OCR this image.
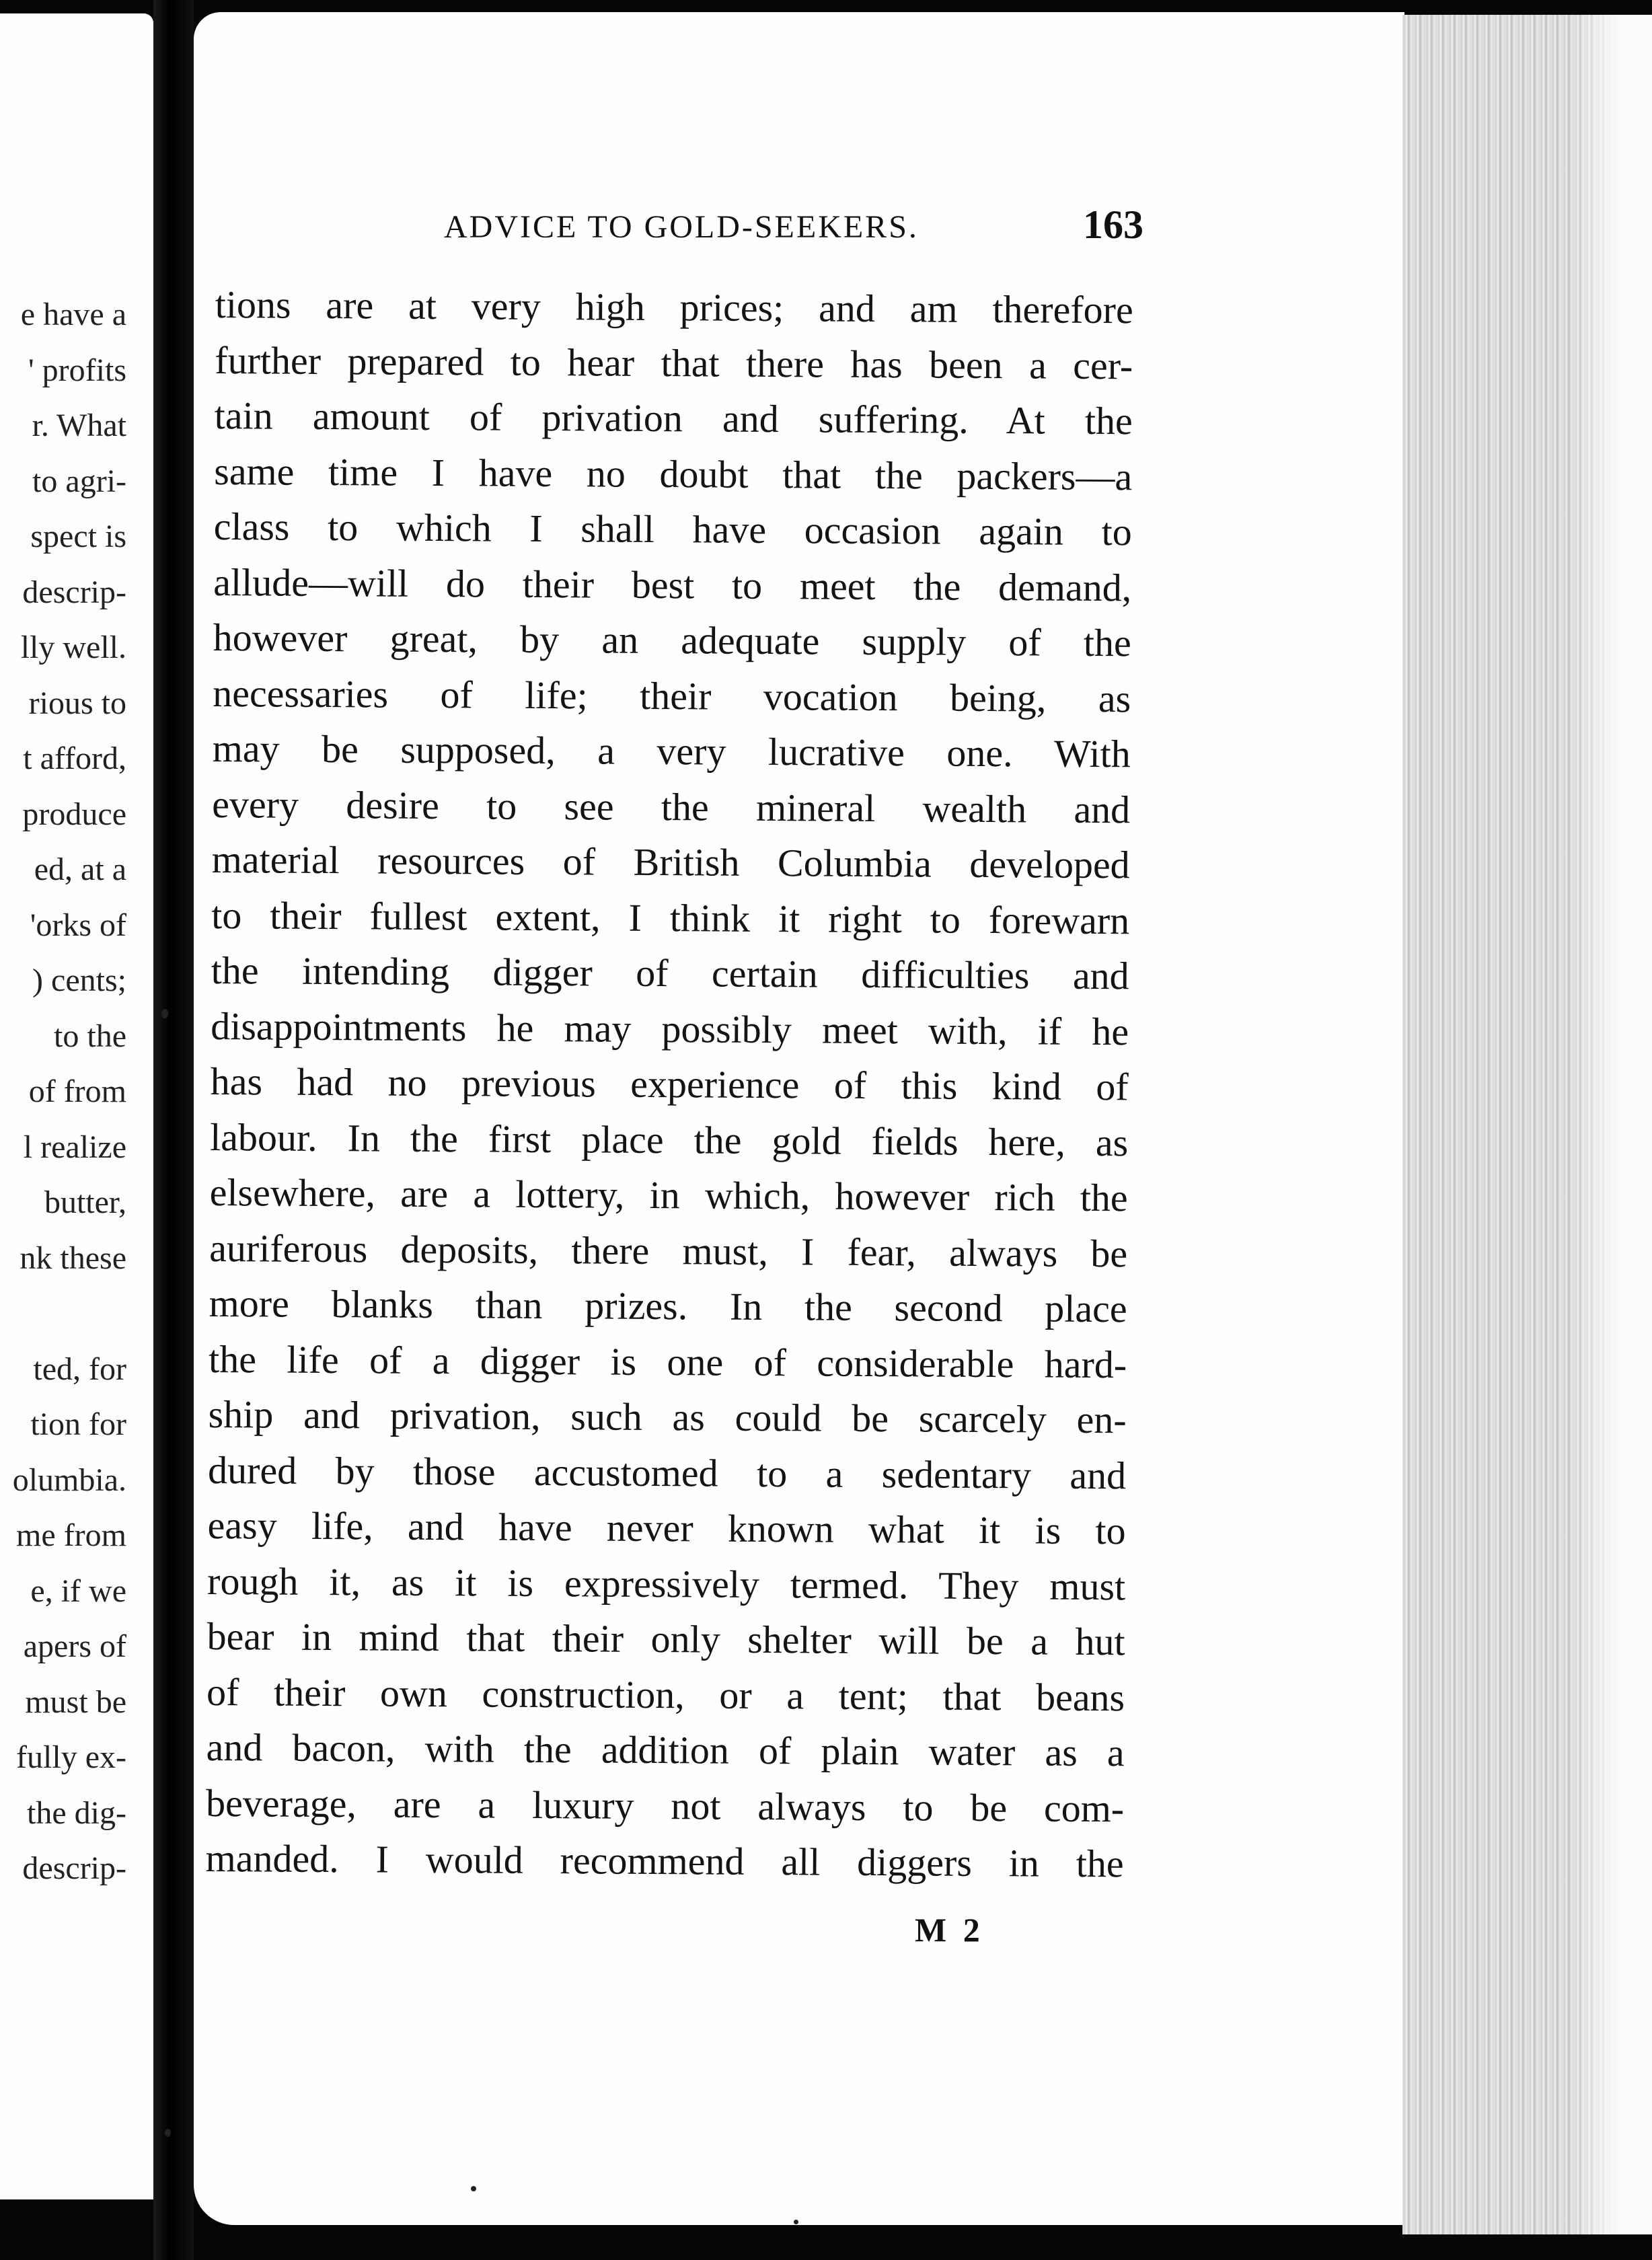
e have a
' profits
r. What
to agri-
spect is
descrip-
lly well.
rious to
t afford,
produce
ed, at a
'orks of
) cents;
to the
of from
l realize
butter,
nk these
ted, for
tion for
olumbia.
me from
e, if we
apers of
must be
fully ex-
the dig-
descrip-
ADVICE TO GOLD-SEEKERS.	163
tions are at very high prices; and am therefore
further prepared to hear that there has been a cer-
tain amount of privation and suffering. At the
same time I have no doubt that the packers—a
class to which I shall have occasion again to
allude—will do their best to meet the demand,
however great, by an adequate supply of the
necessaries of life; their vocation being, as
may be supposed, a very lucrative one. With
every desire to see the mineral wealth and
material resources of British Columbia developed
to their fullest extent, I think it right to forewarn
the intending digger of certain difficulties and
disappointments he may possibly meet with, if he
has had no previous experience of this kind of
labour. In the first place the gold fields here, as
elsewhere, are a lottery, in which, however rich the
auriferous deposits, there must, I fear, always be
more blanks than prizes. In the second place
the life of a digger is one of considerable hard-
ship and privation, such as could be scarcely en-
dured by those accustomed to a sedentary and
easy life, and have never known what it is to
rough it, as it is expressively termed. They must
bear in mind that their only shelter will be a hut
of their own construction, or a tent; that beans
and bacon, with the addition of plain water as a
beverage, are a luxury not always to be com-
manded. I would recommend all diggers in the
M 2
